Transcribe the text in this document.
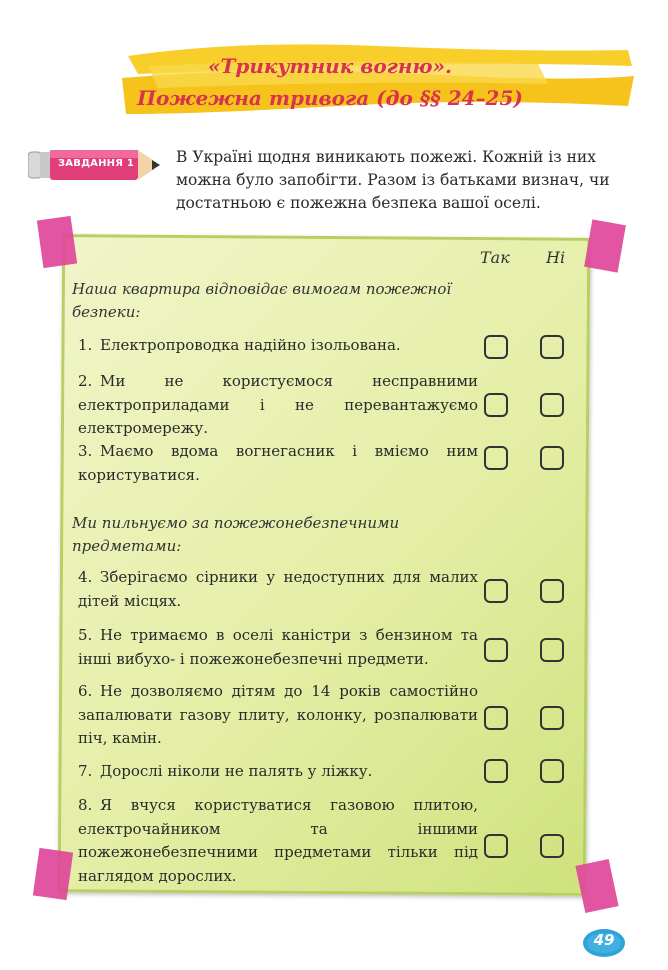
«Трикутник вогню».
Пожежна тривога (до §§ 24–25)
ЗАВДАННЯ 1	В Україні щодня виникають пожежі. Кожній із них можна було запобігти. Разом із батьками визнач, чи достатньою є пожежна безпека вашої оселі.
Так Ні
Наша квартира відповідає вимогам пожежної безпеки:
1. Електропроводка надійно ізольована.
2. Ми не користуємося несправними електроприладами і не перевантажуємо електромережу.
3. Маємо вдома вогнегасник і вміємо ним користуватися.
Ми пильнуємо за пожежонебезпечними предметами:
4. Зберігаємо сірники у недоступних для малих дітей місцях.
5. Не тримаємо в оселі каністри з бензином та інші вибухо- і пожежонебезпечні предмети.
6. Не дозволяємо дітям до 14 років самостійно запалювати газову плиту, колонку, розпалювати піч, камін.
7. Дорослі ніколи не палять у ліжку.
8. Я вчуся користуватися газовою плитою, електрочайником та іншими пожежонебезпечними предметами тільки під наглядом дорослих.
49
